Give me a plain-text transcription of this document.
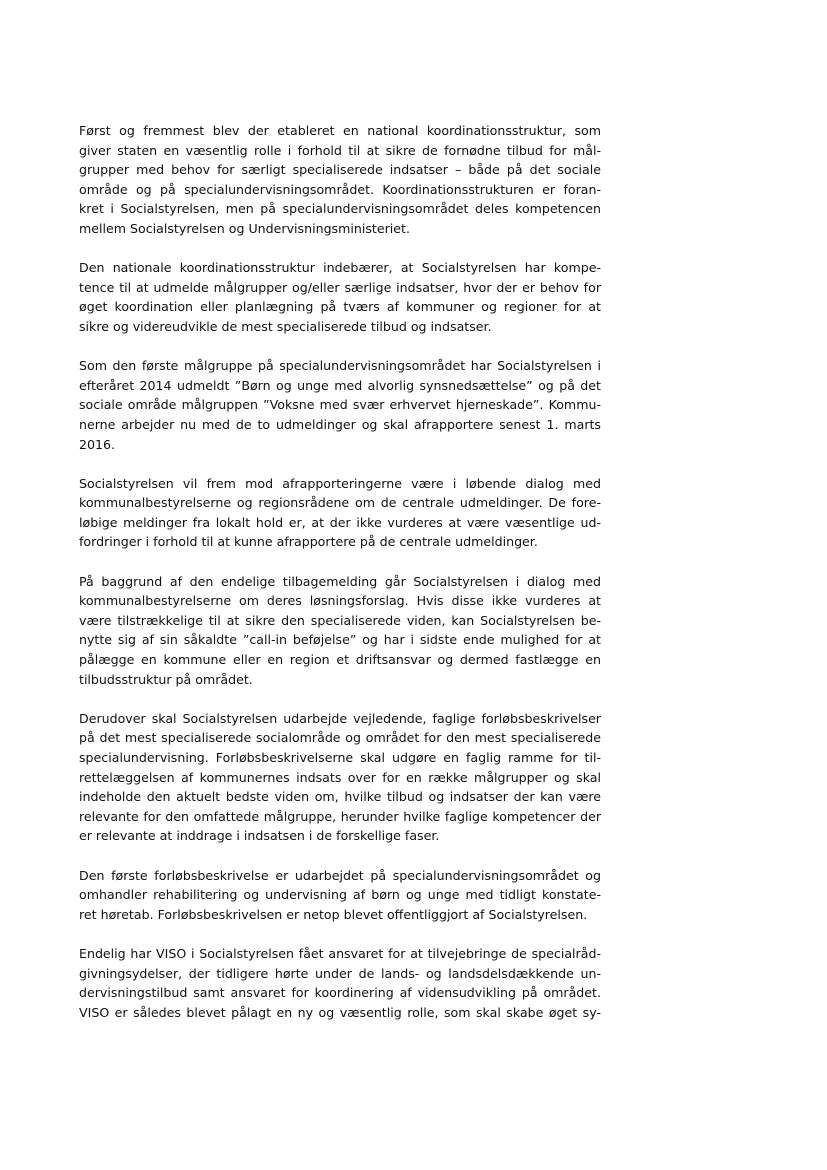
Først og fremmest blev der etableret en national koordinationsstruktur, som
giver staten en væsentlig rolle i forhold til at sikre de fornødne tilbud for mål-
grupper med behov for særligt specialiserede indsatser – både på det sociale
område og på specialundervisningsområdet. Koordinationsstrukturen er foran-
kret i Socialstyrelsen, men på specialundervisningsområdet deles kompetencen
mellem Socialstyrelsen og Undervisningsministeriet.

Den nationale koordinationsstruktur indebærer, at Socialstyrelsen har kompe-
tence til at udmelde målgrupper og/eller særlige indsatser, hvor der er behov for
øget koordination eller planlægning på tværs af kommuner og regioner for at
sikre og videreudvikle de mest specialiserede tilbud og indsatser.

Som den første målgruppe på specialundervisningsområdet har Socialstyrelsen i
efteråret 2014 udmeldt ”Børn og unge med alvorlig synsnedsættelse” og på det
sociale område målgruppen ”Voksne med svær erhvervet hjerneskade”. Kommu-
nerne arbejder nu med de to udmeldinger og skal afrapportere senest 1. marts
2016.

Socialstyrelsen vil frem mod afrapporteringerne være i løbende dialog med
kommunalbestyrelserne og regionsrådene om de centrale udmeldinger. De fore-
løbige meldinger fra lokalt hold er, at der ikke vurderes at være væsentlige ud-
fordringer i forhold til at kunne afrapportere på de centrale udmeldinger.

På baggrund af den endelige tilbagemelding går Socialstyrelsen i dialog med
kommunalbestyrelserne om deres løsningsforslag. Hvis disse ikke vurderes at
være tilstrækkelige til at sikre den specialiserede viden, kan Socialstyrelsen be-
nytte sig af sin såkaldte ”call-in beføjelse” og har i sidste ende mulighed for at
pålægge en kommune eller en region et driftsansvar og dermed fastlægge en
tilbudsstruktur på området.

Derudover skal Socialstyrelsen udarbejde vejledende, faglige forløbsbeskrivelser
på det mest specialiserede socialområde og området for den mest specialiserede
specialundervisning. Forløbsbeskrivelserne skal udgøre en faglig ramme for til-
rettelæggelsen af kommunernes indsats over for en række målgrupper og skal
indeholde den aktuelt bedste viden om, hvilke tilbud og indsatser der kan være
relevante for den omfattede målgruppe, herunder hvilke faglige kompetencer der
er relevante at inddrage i indsatsen i de forskellige faser.

Den første forløbsbeskrivelse er udarbejdet på specialundervisningsområdet og
omhandler rehabilitering og undervisning af børn og unge med tidligt konstate-
ret høretab. Forløbsbeskrivelsen er netop blevet offentliggjort af Socialstyrelsen.

Endelig har VISO i Socialstyrelsen fået ansvaret for at tilvejebringe de specialråd-
givningsydelser, der tidligere hørte under de lands- og landsdelsdækkende un-
dervisningstilbud samt ansvaret for koordinering af vidensudvikling på området.
VISO er således blevet pålagt en ny og væsentlig rolle, som skal skabe øget sy-
